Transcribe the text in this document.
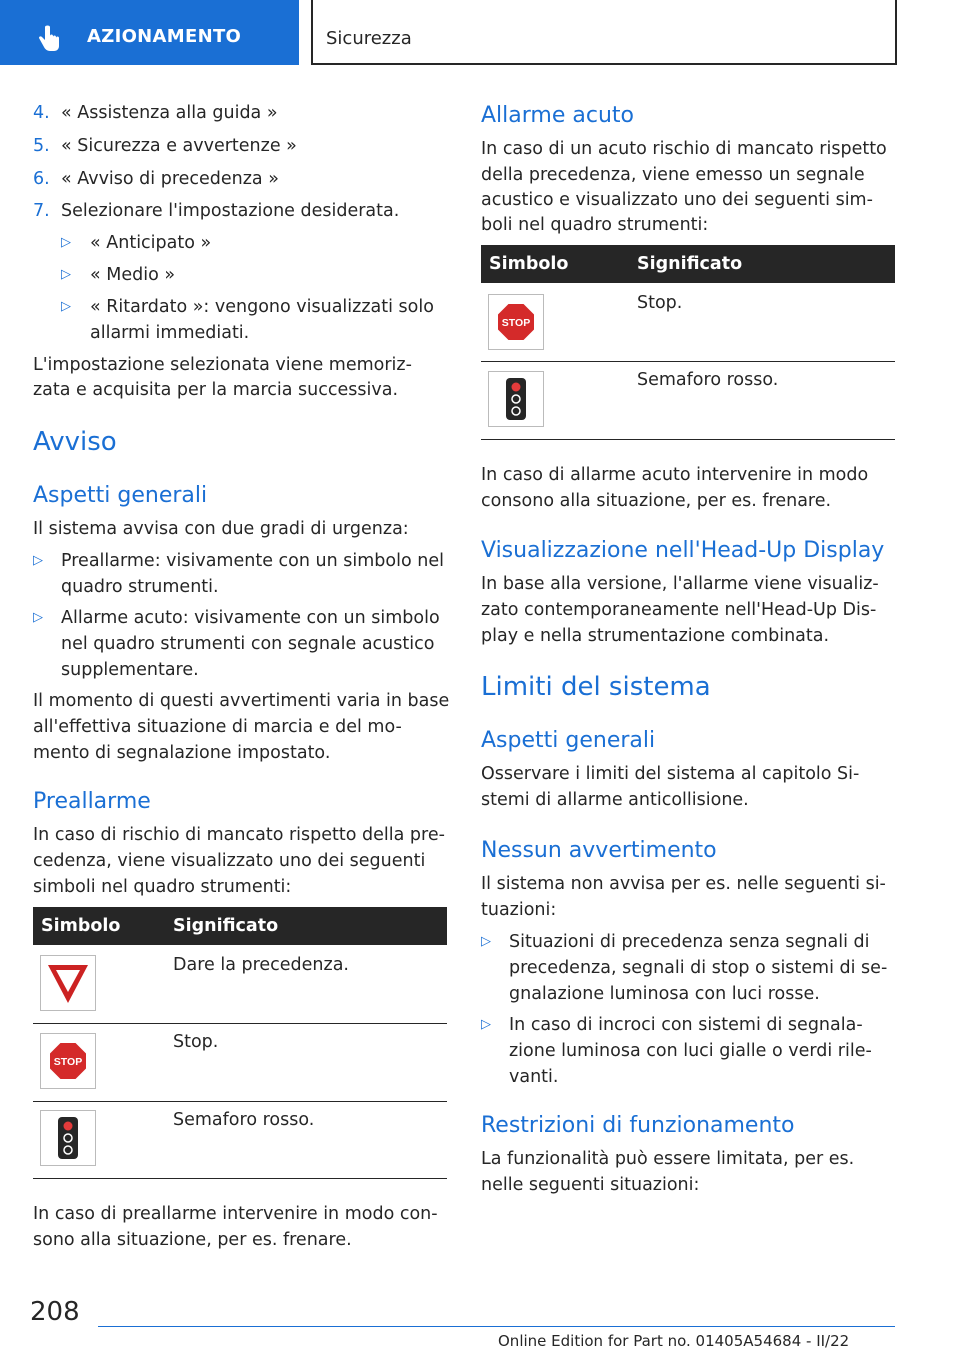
AZIONAMENTO	Sicurezza
4. « Assistenza alla guida »
5. « Sicurezza e avvertenze »
6. « Avviso di precedenza »
7. Selezionare l'impostazione desiderata.
▷ « Anticipato »
▷ « Medio »
▷ « Ritardato »: vengono visualizzati solo
allarmi immediati.
L'impostazione selezionata viene memoriz-
zata e acquisita per la marcia successiva.
Avviso
Aspetti generali
Il sistema avvisa con due gradi di urgenza:
▷ Preallarme: visivamente con un simbolo nel
quadro strumenti.
▷ Allarme acuto: visivamente con un simbolo
nel quadro strumenti con segnale acustico
supplementare.
Il momento di questi avvertimenti varia in base
all'effettiva situazione di marcia e del mo-
mento di segnalazione impostato.
Preallarme
In caso di rischio di mancato rispetto della pre-
cedenza, viene visualizzato uno dei seguenti
simboli nel quadro strumenti:
Simbolo	Significato
Dare la precedenza.
STOP
Stop.
Semaforo rosso.
In caso di preallarme intervenire in modo con-
sono alla situazione, per es. frenare.
Allarme acuto
In caso di un acuto rischio di mancato rispetto
della precedenza, viene emesso un segnale
acustico e visualizzato uno dei seguenti sim-
boli nel quadro strumenti:
Simbolo	Significato
STOP
Stop.
Semaforo rosso.
In caso di allarme acuto intervenire in modo
consono alla situazione, per es. frenare.
Visualizzazione nell'Head-Up Display
In base alla versione, l'allarme viene visualiz-
zato contemporaneamente nell'Head-Up Dis-
play e nella strumentazione combinata.
Limiti del sistema
Aspetti generali
Osservare i limiti del sistema al capitolo Si-
stemi di allarme anticollisione.
Nessun avvertimento
Il sistema non avvisa per es. nelle seguenti si-
tuazioni:
▷ Situazioni di precedenza senza segnali di
precedenza, segnali di stop o sistemi di se-
gnalazione luminosa con luci rosse.
▷ In caso di incroci con sistemi di segnala-
zione luminosa con luci gialle o verdi rile-
vanti.
Restrizioni di funzionamento
La funzionalità può essere limitata, per es.
nelle seguenti situazioni:
208
Online Edition for Part no. 01405A54684 - II/22
